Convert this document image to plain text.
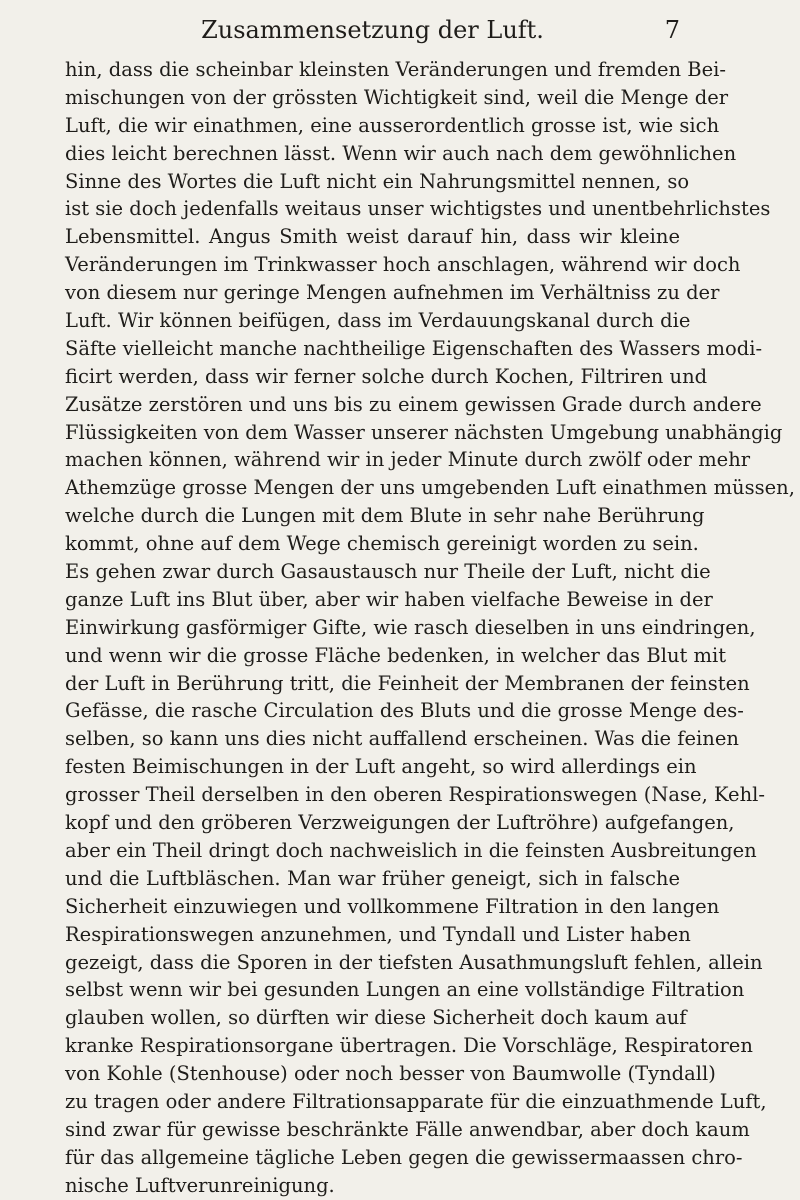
Zusammensetzung der Luft.	7
hin, dass die scheinbar kleinsten Veränderungen und fremden Bei-
mischungen von der grössten Wichtigkeit sind, weil die Menge der
Luft, die wir einathmen, eine ausserordentlich grosse ist, wie sich
dies leicht berechnen lässt. Wenn wir auch nach dem gewöhnlichen
Sinne des Wortes die Luft nicht ein Nahrungsmittel nennen, so
ist sie doch jedenfalls weitaus unser wichtigstes und unentbehrlichstes
Lebensmittel. Angus Smith weist darauf hin, dass wir kleine
Veränderungen im Trinkwasser hoch anschlagen, während wir doch
von diesem nur geringe Mengen aufnehmen im Verhältniss zu der
Luft. Wir können beifügen, dass im Verdauungskanal durch die
Säfte vielleicht manche nachtheilige Eigenschaften des Wassers modi-
ficirt werden, dass wir ferner solche durch Kochen, Filtriren und
Zusätze zerstören und uns bis zu einem gewissen Grade durch andere
Flüssigkeiten von dem Wasser unserer nächsten Umgebung unabhängig
machen können, während wir in jeder Minute durch zwölf oder mehr
Athemzüge grosse Mengen der uns umgebenden Luft einathmen müssen,
welche durch die Lungen mit dem Blute in sehr nahe Berührung
kommt, ohne auf dem Wege chemisch gereinigt worden zu sein.
Es gehen zwar durch Gasaustausch nur Theile der Luft, nicht die
ganze Luft ins Blut über, aber wir haben vielfache Beweise in der
Einwirkung gasförmiger Gifte, wie rasch dieselben in uns eindringen,
und wenn wir die grosse Fläche bedenken, in welcher das Blut mit
der Luft in Berührung tritt, die Feinheit der Membranen der feinsten
Gefässe, die rasche Circulation des Bluts und die grosse Menge des-
selben, so kann uns dies nicht auffallend erscheinen. Was die feinen
festen Beimischungen in der Luft angeht, so wird allerdings ein
grosser Theil derselben in den oberen Respirationswegen (Nase, Kehl-
kopf und den gröberen Verzweigungen der Luftröhre) aufgefangen,
aber ein Theil dringt doch nachweislich in die feinsten Ausbreitungen
und die Luftbläschen. Man war früher geneigt, sich in falsche
Sicherheit einzuwiegen und vollkommene Filtration in den langen
Respirationswegen anzunehmen, und Tyndall und Lister haben
gezeigt, dass die Sporen in der tiefsten Ausathmungsluft fehlen, allein
selbst wenn wir bei gesunden Lungen an eine vollständige Filtration
glauben wollen, so dürften wir diese Sicherheit doch kaum auf
kranke Respirationsorgane übertragen. Die Vorschläge, Respiratoren
von Kohle (Stenhouse) oder noch besser von Baumwolle (Tyndall)
zu tragen oder andere Filtrationsapparate für die einzuathmende Luft,
sind zwar für gewisse beschränkte Fälle anwendbar, aber doch kaum
für das allgemeine tägliche Leben gegen die gewissermaassen chro-
nische Luftverunreinigung.
